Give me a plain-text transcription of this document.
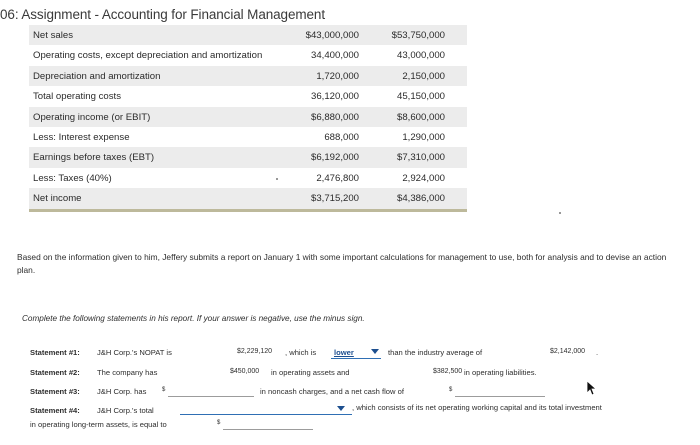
06: Assignment - Accounting for Financial Management
Net sales	$43,000,000	$53,750,000
Operating costs, except depreciation and amortization	34,400,000	43,000,000
Depreciation and amortization	1,720,000	2,150,000
Total operating costs	36,120,000	45,150,000
Operating income (or EBIT)	$6,880,000	$8,600,000
Less: Interest expense	688,000	1,290,000
Earnings before taxes (EBT)	$6,192,000	$7,310,000
Less: Taxes (40%)	2,476,800	2,924,000
Net income	$3,715,200	$4,386,000
Based on the information given to him, Jeffery submits a report on January 1 with some important calculations for management to use, both for analysis and to devise an action plan.
Complete the following statements in his report. If your answer is negative, use the minus sign.
Statement #1: J&H Corp.'s NOPAT is	$2,229,120 , which is lower	than the industry average of	$2,142,000 .
Statement #2: The company has	$450,000 in operating assets and	$382,500 in operating liabilities.
Statement #3: J&H Corp. has	$	in noncash charges, and a net cash flow of	$
Statement #4: J&H Corp.'s total	, which consists of its net operating working capital and its total investment
in operating long-term assets, is equal to	$
